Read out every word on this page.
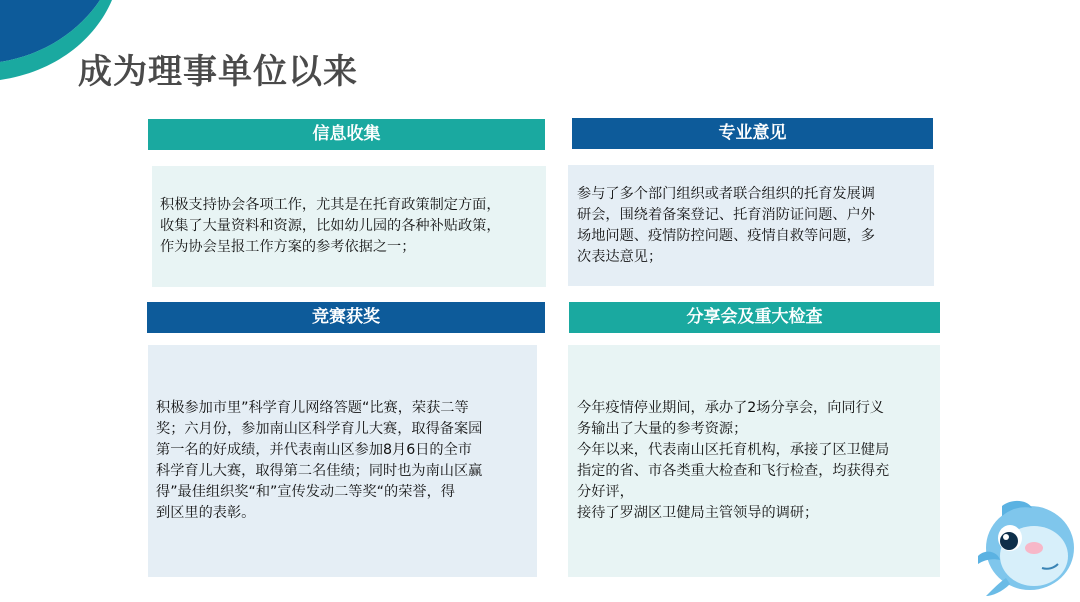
成为理事单位以来
信息收集

积极支持协会各项工作，尤其是在托育政策制定方面，
收集了大量资料和资源，比如幼儿园的各种补贴政策，
作为协会呈报工作方案的参考依据之一；

专业意见

参与了多个部门组织或者联合组织的托育发展调
研会，围绕着备案登记、托育消防证问题、户外
场地问题、疫情防控问题、疫情自救等问题，多
次表达意见；

竞赛获奖

积极参加市里”科学育儿网络答题“比赛，荣获二等
奖；六月份，参加南山区科学育儿大赛，取得备案园
第一名的好成绩，并代表南山区参加8月6日的全市
科学育儿大赛，取得第二名佳绩；同时也为南山区赢
得”最佳组织奖“和”宣传发动二等奖“的荣誉，得
到区里的表彰。

分享会及重大检查

今年疫情停业期间，承办了2场分享会，向同行义
务输出了大量的参考资源；
今年以来，代表南山区托育机构，承接了区卫健局
指定的省、市各类重大检查和飞行检查，均获得充
分好评，
接待了罗湖区卫健局主管领导的调研；
